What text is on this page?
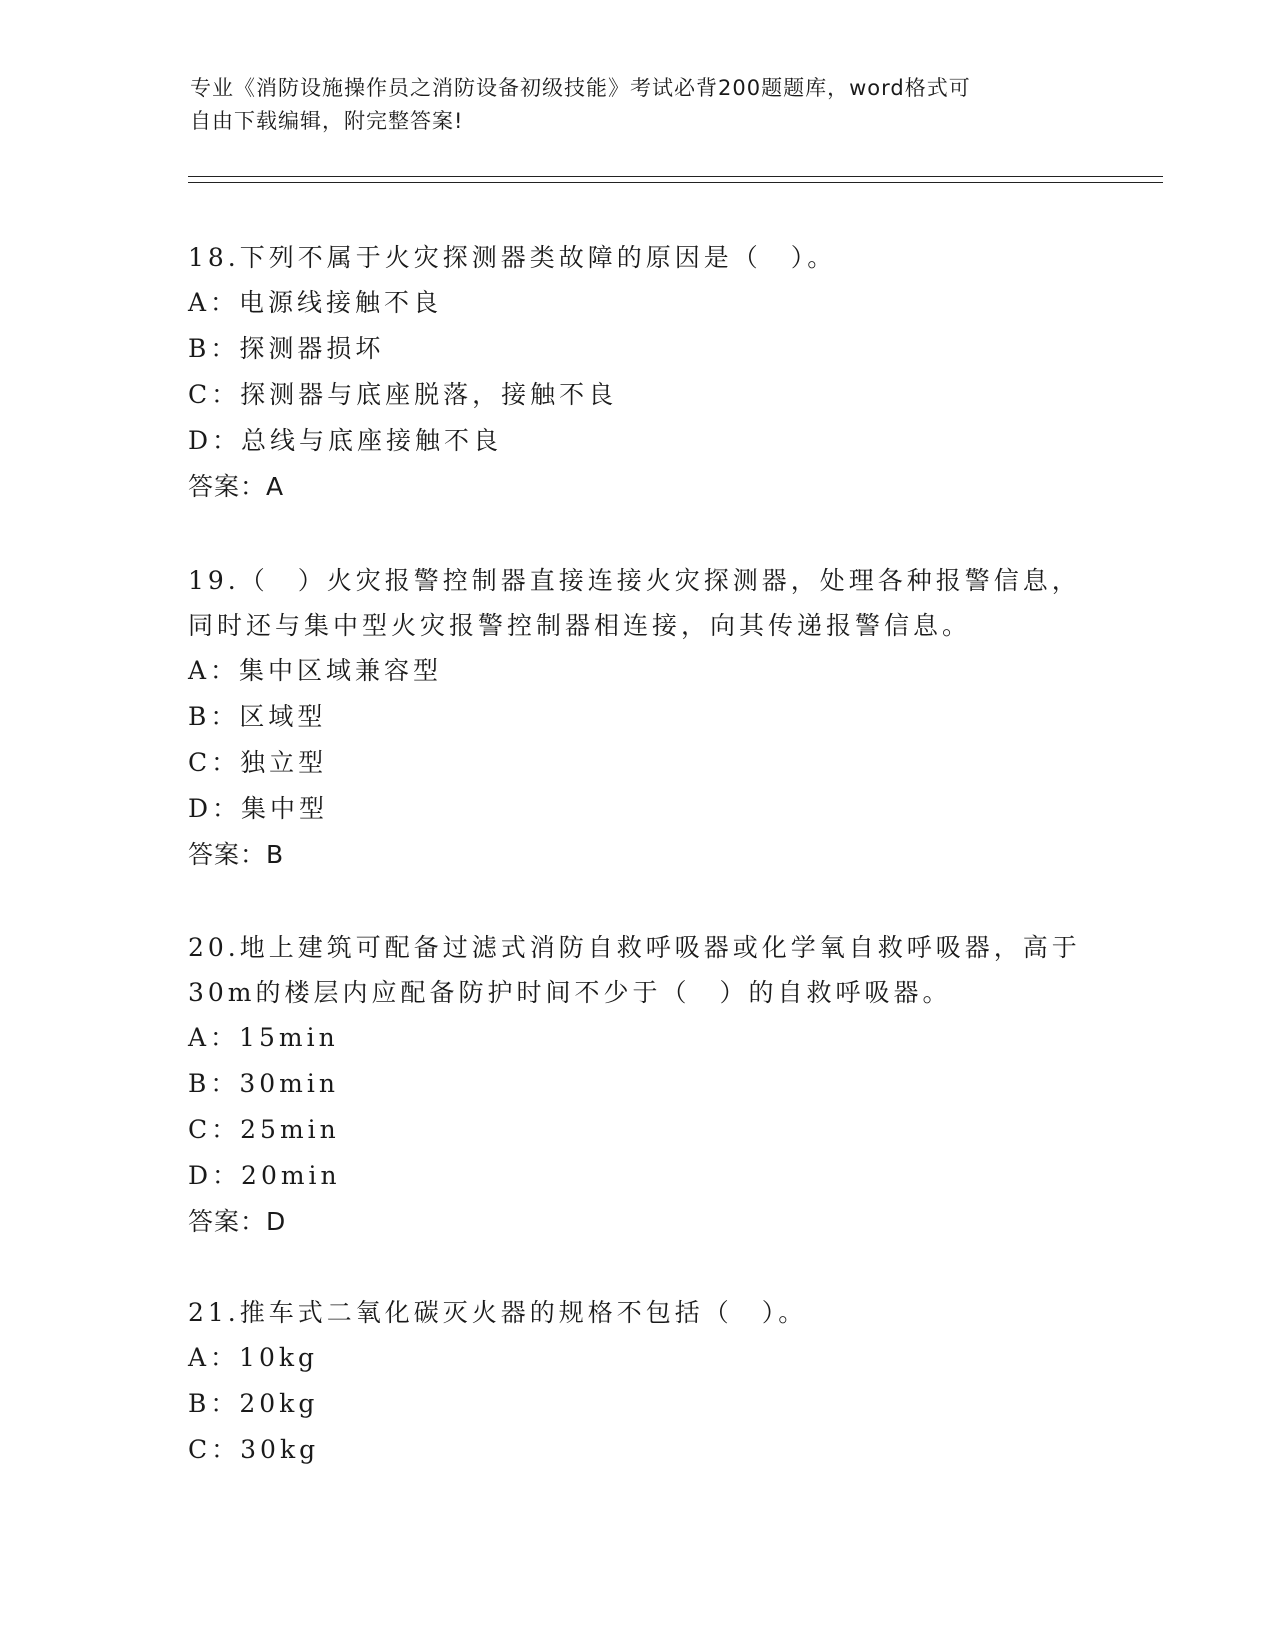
专业《消防设施操作员之消防设备初级技能》考试必背200题题库，word格式可
自由下载编辑，附完整答案!

18.下列不属于火灾探测器类故障的原因是（　）。

A：电源线接触不良

B：探测器损坏

C：探测器与底座脱落，接触不良

D：总线与底座接触不良

答案：A

19.（　）火灾报警控制器直接连接火灾探测器，处理各种报警信息，

同时还与集中型火灾报警控制器相连接，向其传递报警信息。

A：集中区域兼容型

B：区域型

C：独立型

D：集中型

答案：B

20.地上建筑可配备过滤式消防自救呼吸器或化学氧自救呼吸器，高于

30m的楼层内应配备防护时间不少于（　）的自救呼吸器。

A：15min

B：30min

C：25min

D：20min

答案：D

21.推车式二氧化碳灭火器的规格不包括（　）。

A：10kg

B：20kg

C：30kg
